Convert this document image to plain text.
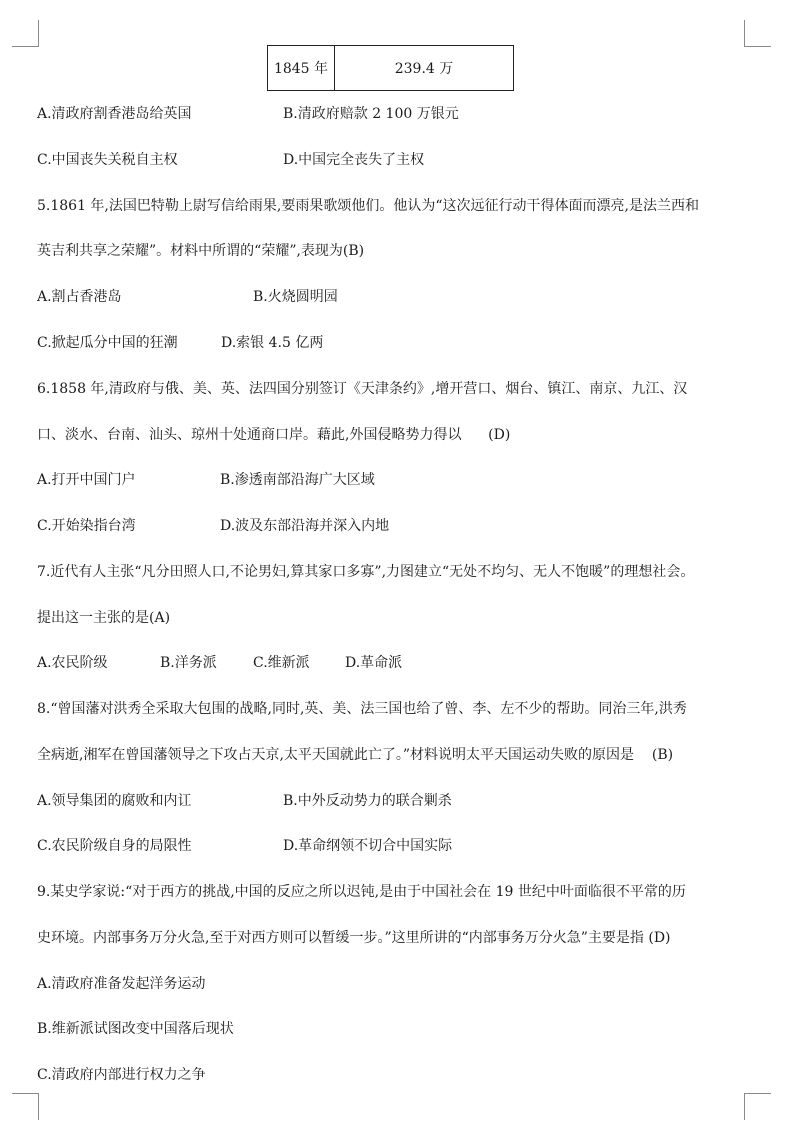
1845 年	239.4 万
A.清政府割香港岛给英国	B.清政府赔款 2 100 万银元
C.中国丧失关税自主权	D.中国完全丧失了主权
5.1861 年,法国巴特勒上尉写信给雨果,要雨果歌颂他们。他认为“这次远征行动干得体面而漂亮,是法兰西和
英吉利共享之荣耀”。材料中所谓的“荣耀”,表现为(B)
A.割占香港岛	B.火烧圆明园
C.掀起瓜分中国的狂潮	D.索银 4.5 亿两
6.1858 年,清政府与俄、美、英、法四国分别签订《天津条约》,增开营口、烟台、镇江、南京、九江、汉
口、淡水、台南、汕头、琼州十处通商口岸。藉此,外国侵略势力得以      (D)
A.打开中国门户	B.渗透南部沿海广大区域
C.开始染指台湾	D.波及东部沿海并深入内地
7.近代有人主张“凡分田照人口,不论男妇,算其家口多寡”,力图建立“无处不均匀、无人不饱暖”的理想社会。
提出这一主张的是(A)
A.农民阶级	B.洋务派	C.维新派	D.革命派
8.“曾国藩对洪秀全采取大包围的战略,同时,英、美、法三国也给了曾、李、左不少的帮助。同治三年,洪秀
全病逝,湘军在曾国藩领导之下攻占天京,太平天国就此亡了。”材料说明太平天国运动失败的原因是    (B)
A.领导集团的腐败和内讧	B.中外反动势力的联合剿杀
C.农民阶级自身的局限性	D.革命纲领不切合中国实际
9.某史学家说:“对于西方的挑战,中国的反应之所以迟钝,是由于中国社会在 19 世纪中叶面临很不平常的历
史环境。内部事务万分火急,至于对西方则可以暂缓一步。”这里所讲的“内部事务万分火急”主要是指 (D)
A.清政府准备发起洋务运动
B.维新派试图改变中国落后现状
C.清政府内部进行权力之争
